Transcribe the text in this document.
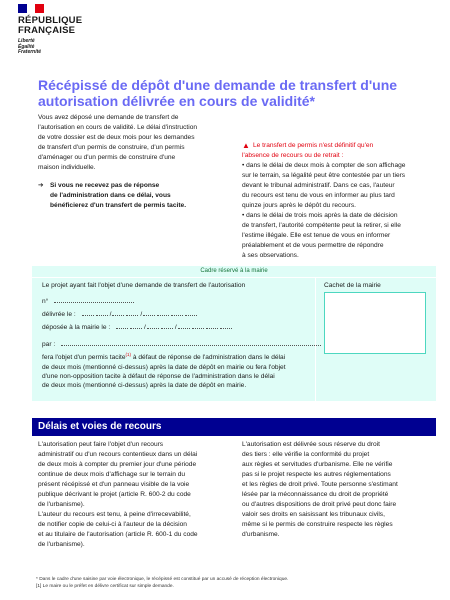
RÉPUBLIQUE
FRANÇAISE
Liberté
Égalité
Fraternité
Récépissé de dépôt d'une demande de transfert d'une autorisation délivrée en cours de validité*

Vous avez déposé une demande de transfert de

l'autorisation en cours de validité. Le délai d'instruction

de votre dossier est de deux mois pour les demandes

de transfert d'un permis de construire, d'un permis

d'aménager ou d'un permis de construire d'une

maison individuelle.

➔ Si vous ne recevez pas de réponse

de l'administration dans ce délai, vous

bénéficierez d'un transfert de permis tacite.

▲ Le transfert de permis n'est définitif qu'en

l'absence de recours ou de retrait :

• dans le délai de deux mois à compter de son affichage

sur le terrain, sa légalité peut être contestée par un tiers

devant le tribunal administratif. Dans ce cas, l'auteur

du recours est tenu de vous en informer au plus tard

quinze jours après le dépôt du recours.

• dans le délai de trois mois après la date de décision

de transfert, l'autorité compétente peut la retirer, si elle

l'estime illégale. Elle est tenue de vous en informer

préalablement et de vous permettre de répondre

à ses observations.

Cadre réservé à la mairie
Le projet ayant fait l'objet d'une demande de transfert de l'autorisation
n°
délivrée le :	/	/
déposée à la mairie le :	/	/
par :
Cachet de la mairie
fera l'objet d'un permis tacite$^{(1)}$ à défaut de réponse de l'administration dans le délai
de deux mois (mentionné ci-dessus) après la date de dépôt en mairie ou fera l'objet
d'une non-opposition tacite à défaut de réponse de l'administration dans le délai
de deux mois (mentionné ci-dessus) après la date de dépôt en mairie.
Délais et voies de recours

L'autorisation peut faire l'objet d'un recours

administratif ou d'un recours contentieux dans un délai

de deux mois à compter du premier jour d'une période

continue de deux mois d'affichage sur le terrain du

présent récépissé et d'un panneau visible de la voie

publique décrivant le projet (article R. 600-2 du code

de l'urbanisme).

L'auteur du recours est tenu, à peine d'irrecevabilité,

de notifier copie de celui-ci à l'auteur de la décision

et au titulaire de l'autorisation (article R. 600-1 du code

de l'urbanisme).

L'autorisation est délivrée sous réserve du droit

des tiers : elle vérifie la conformité du projet

aux règles et servitudes d'urbanisme. Elle ne vérifie

pas si le projet respecte les autres réglementations

et les règles de droit privé. Toute personne s'estimant

lésée par la méconnaissance du droit de propriété

ou d'autres dispositions de droit privé peut donc faire

valoir ses droits en saisissant les tribunaux civils,

même si le permis de construire respecte les règles

d'urbanisme.

* Dans le cadre d'une saisine par voie électronique, le récépissé est constitué par un accusé de réception électronique.
[1] Le maire ou le préfet en délivre certificat sur simple demande.
